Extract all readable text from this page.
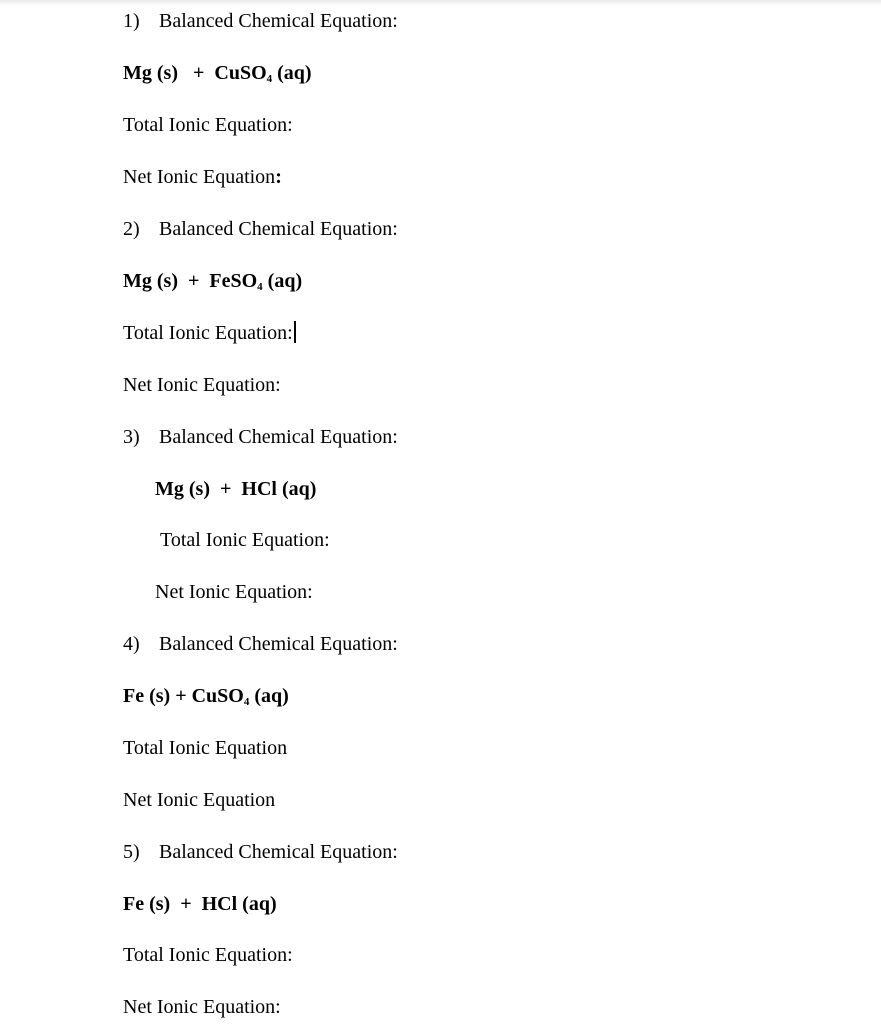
1) Balanced Chemical Equation:
Mg (s) + CuSO$_4$ (aq)
Total Ionic Equation:
Net Ionic Equation:
2) Balanced Chemical Equation:
Mg (s) + FeSO$_4$ (aq)
Total Ionic Equation:
Net Ionic Equation:
3) Balanced Chemical Equation:
Mg (s) + HCl (aq)
Total Ionic Equation:
Net Ionic Equation:
4) Balanced Chemical Equation:
Fe (s) + CuSO$_4$ (aq)
Total Ionic Equation
Net Ionic Equation
5) Balanced Chemical Equation:
Fe (s) + HCl (aq)
Total Ionic Equation:
Net Ionic Equation:
